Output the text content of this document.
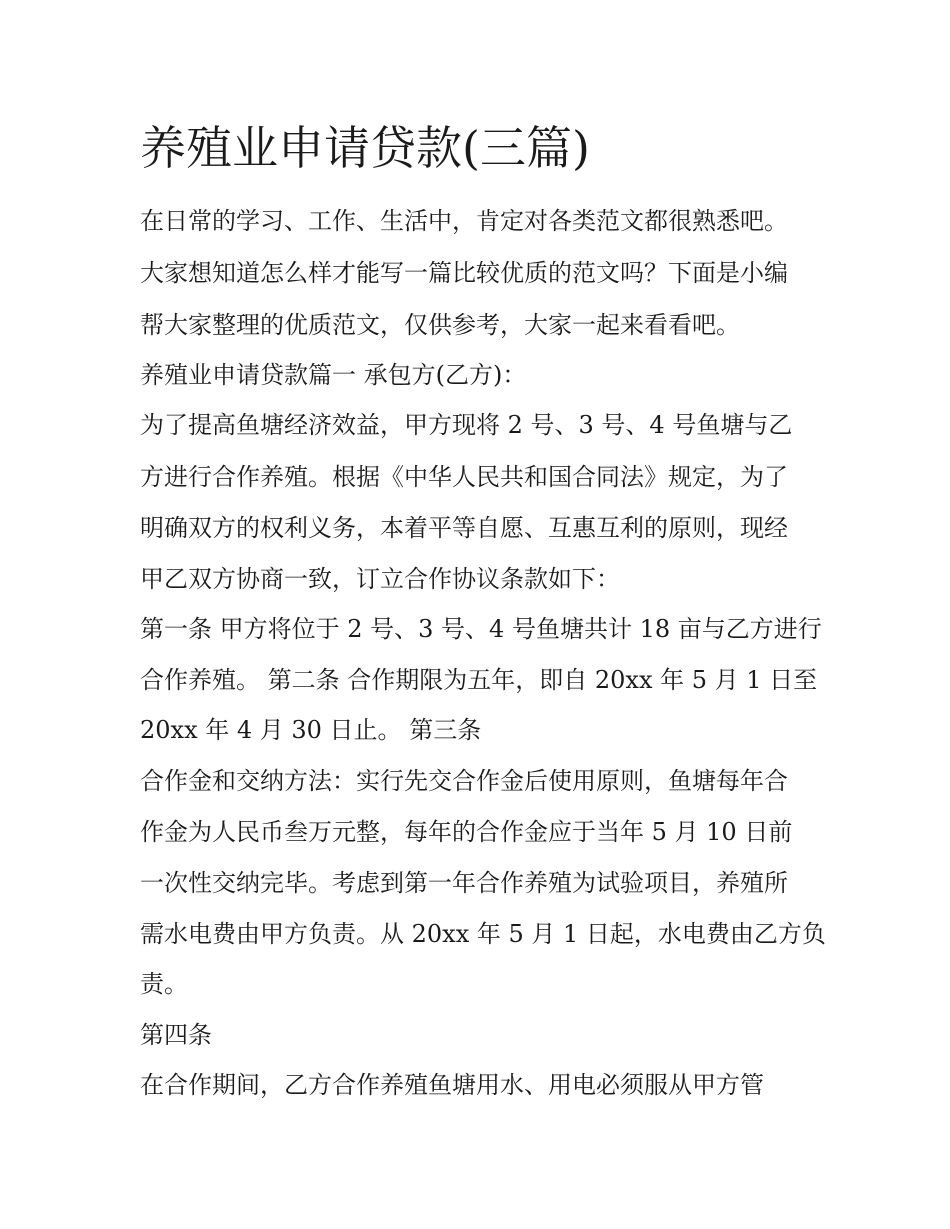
养殖业申请贷款(三篇)

在日常的学习、工作、生活中，肯定对各类范文都很熟悉吧。

大家想知道怎么样才能写一篇比较优质的范文吗？下面是小编

帮大家整理的优质范文，仅供参考，大家一起来看看吧。

养殖业申请贷款篇一 承包方(乙方)：

为了提高鱼塘经济效益，甲方现将 2 号、3 号、4 号鱼塘与乙

方进行合作养殖。根据《中华人民共和国合同法》规定，为了

明确双方的权利义务，本着平等自愿、互惠互利的原则，现经

甲乙双方协商一致，订立合作协议条款如下：

第一条 甲方将位于 2 号、3 号、4 号鱼塘共计 18 亩与乙方进行

合作养殖。 第二条 合作期限为五年，即自 20xx 年 5 月 1 日至

20xx 年 4 月 30 日止。 第三条

合作金和交纳方法：实行先交合作金后使用原则，鱼塘每年合

作金为人民币叁万元整，每年的合作金应于当年 5 月 10 日前

一次性交纳完毕。考虑到第一年合作养殖为试验项目，养殖所

需水电费由甲方负责。从 20xx 年 5 月 1 日起，水电费由乙方负

责。

第四条

在合作期间，乙方合作养殖鱼塘用水、用电必须服从甲方管
